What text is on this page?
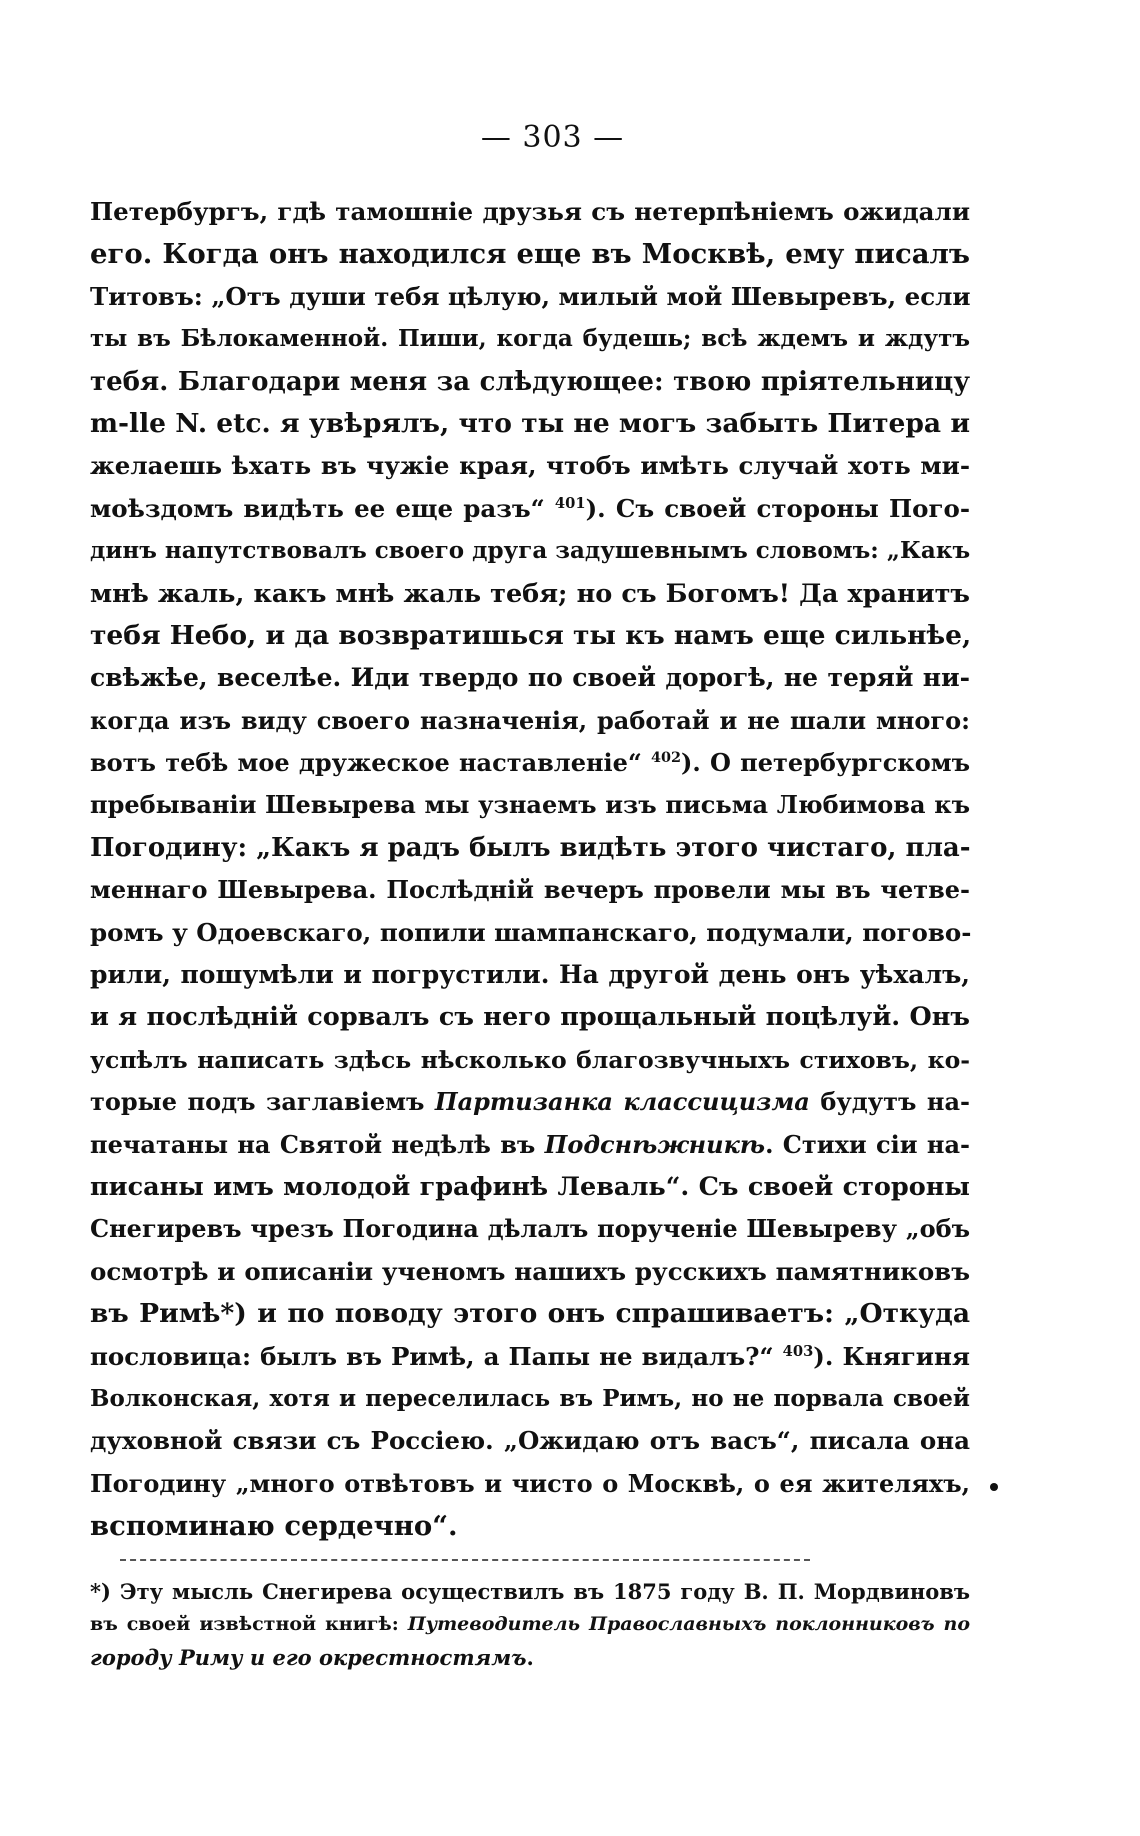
— 303 —
Петербургъ, гдѣ тамошніе друзья съ нетерпѣніемъ ожидали
его. Когда онъ находился еще въ Москвѣ, ему писалъ
Титовъ: „Отъ души тебя цѣлую, милый мой Шевыревъ, если
ты въ Бѣлокаменной. Пиши, когда будешь; всѣ ждемъ и ждутъ
тебя. Благодари меня за слѣдующее: твою пріятельницу
m-lle N. etc. я увѣрялъ, что ты не могъ забыть Питера и
желаешь ѣхать въ чужіе края, чтобъ имѣть случай хоть ми-
моѣздомъ видѣть ее еще разъ“ $^{401}$). Съ своей стороны Пого-
динъ напутствовалъ своего друга задушевнымъ словомъ: „Какъ
мнѣ жаль, какъ мнѣ жаль тебя; но съ Богомъ! Да хранитъ
тебя Небо, и да возвратишься ты къ намъ еще сильнѣе,
свѣжѣе, веселѣе. Иди твердо по своей дорогѣ, не теряй ни-
когда изъ виду своего назначенія, работай и не шали много:
вотъ тебѣ мое дружеское наставленіе“ $^{402}$). О петербургскомъ
пребываніи Шевырева мы узнаемъ изъ письма Любимова къ
Погодину: „Какъ я радъ былъ видѣть этого чистаго, пла-
меннаго Шевырева. Послѣдній вечеръ провели мы въ четве-
ромъ у Одоевскаго, попили шампанскаго, подумали, погово-
рили, пошумѣли и погрустили. На другой день онъ уѣхалъ,
и я послѣдній сорвалъ съ него прощальный поцѣлуй. Онъ
успѣлъ написать здѣсь нѣсколько благозвучныхъ стиховъ, ко-
торые подъ заглавіемъ Партизанка классицизма будутъ на-
печатаны на Святой недѣлѣ въ Подснѣжникѣ. Стихи сіи на-
писаны имъ молодой графинѣ Леваль“. Съ своей стороны
Снегиревъ чрезъ Погодина дѣлалъ порученіе Шевыреву „объ
осмотрѣ и описаніи ученомъ нашихъ русскихъ памятниковъ
въ Римѣ*) и по поводу этого онъ спрашиваетъ: „Откуда
пословица: былъ въ Римѣ, а Папы не видалъ?“ $^{403}$). Княгиня
Волконская, хотя и переселилась въ Римъ, но не порвала своей
духовной связи съ Россіею. „Ожидаю отъ васъ“, писала она
Погодину „много отвѣтовъ и чисто о Москвѣ, о ея жителяхъ,
вспоминаю сердечно“.
*) Эту мысль Снегирева осуществилъ въ 1875 году В. П. Мордвиновъ
въ своей извѣстной книгѣ: Путеводитель Православныхъ поклонниковъ по
городу Риму и его окрестностямъ.
